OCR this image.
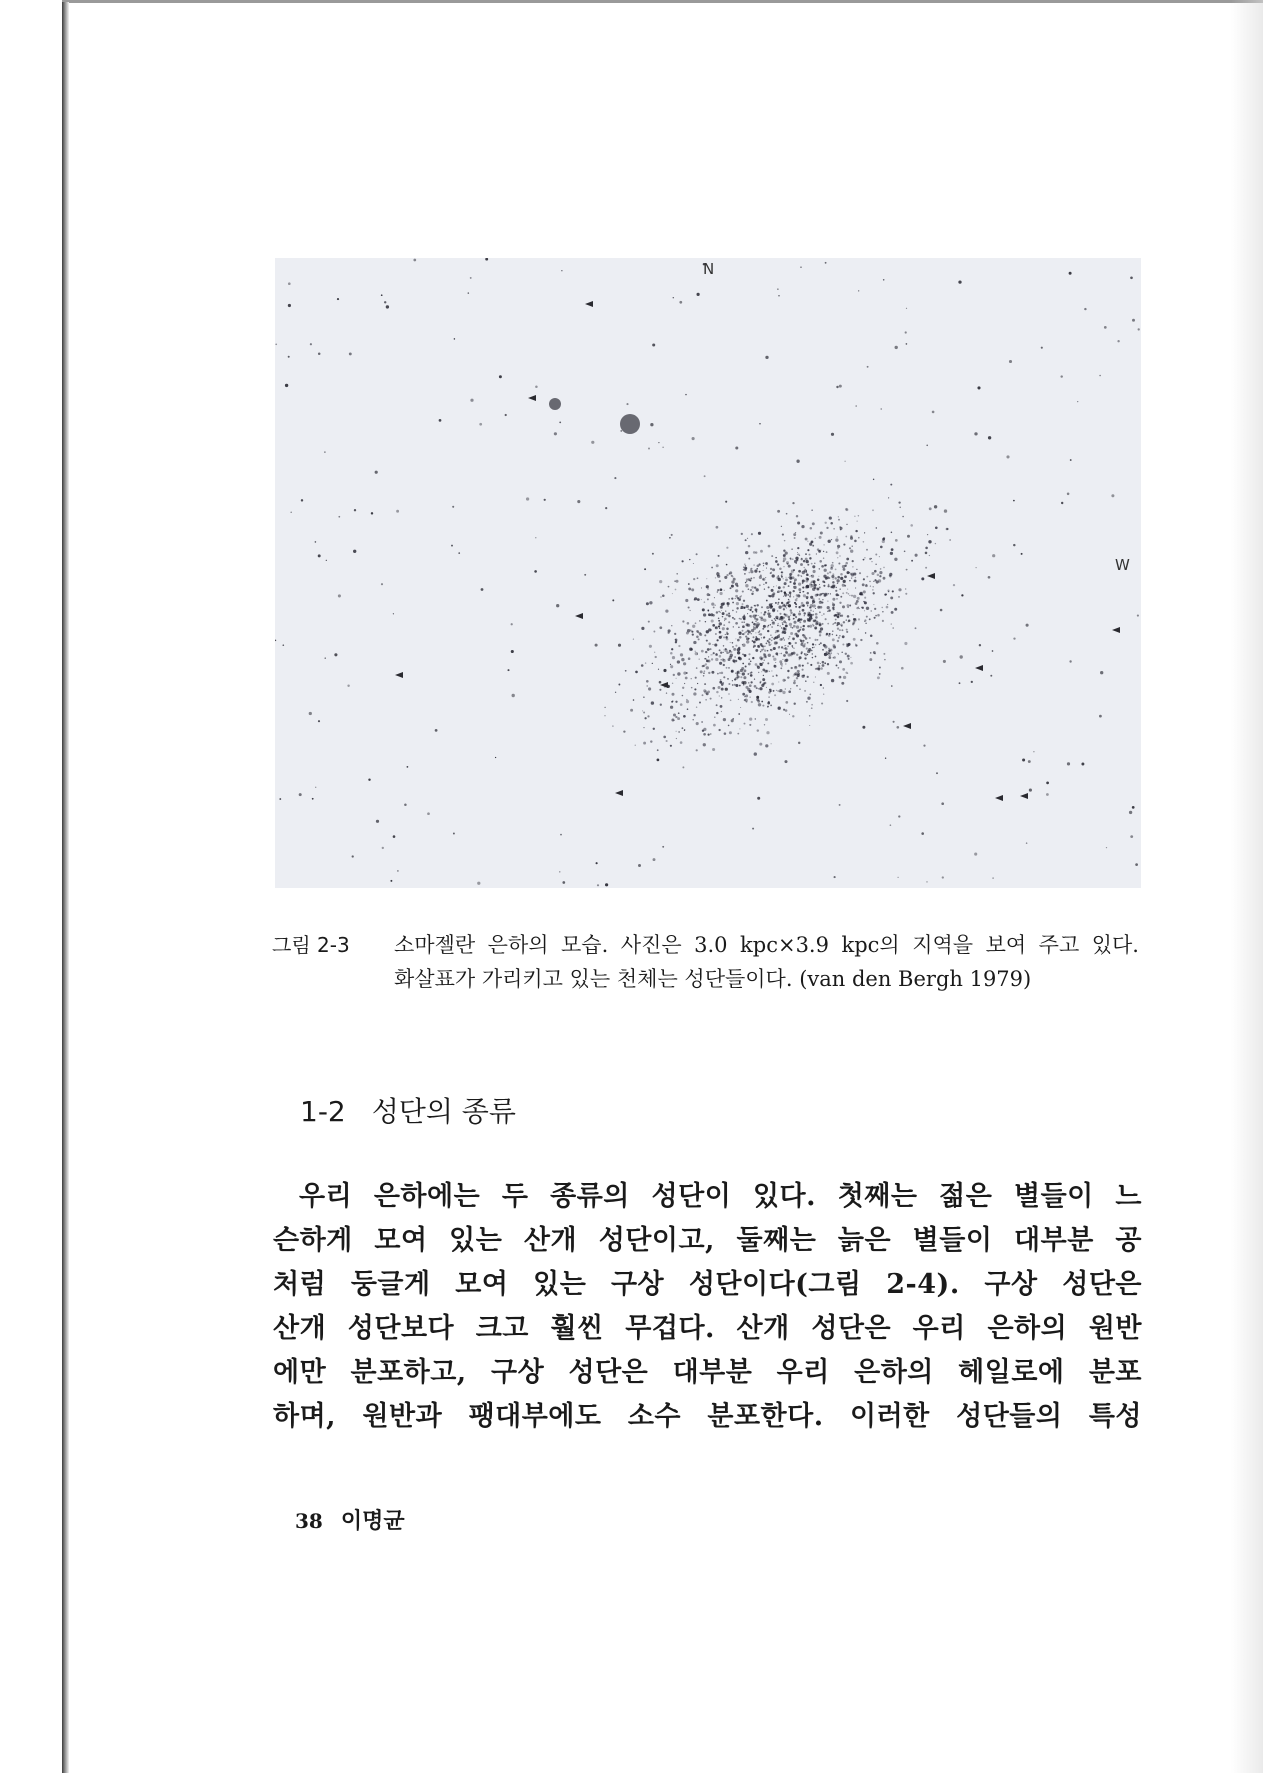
N
W
그림 2-3	소마젤란 은하의 모습. 사진은 3.0 kpc×3.9 kpc의 지역을 보여 주고 있다. 화살표가 가리키고 있는 천체는 성단들이다. (van den Bergh 1979)
1-2 성단의 종류
우리 은하에는 두 종류의 성단이 있다. 첫째는 젊은 별들이 느
슨하게 모여 있는 산개 성단이고, 둘째는 늙은 별들이 대부분 공
처럼 둥글게 모여 있는 구상 성단이다(그림 2-4). 구상 성단은
산개 성단보다 크고 훨씬 무겁다. 산개 성단은 우리 은하의 원반
에만 분포하고, 구상 성단은 대부분 우리 은하의 헤일로에 분포
하며, 원반과 팽대부에도 소수 분포한다. 이러한 성단들의 특성
38 이명균
